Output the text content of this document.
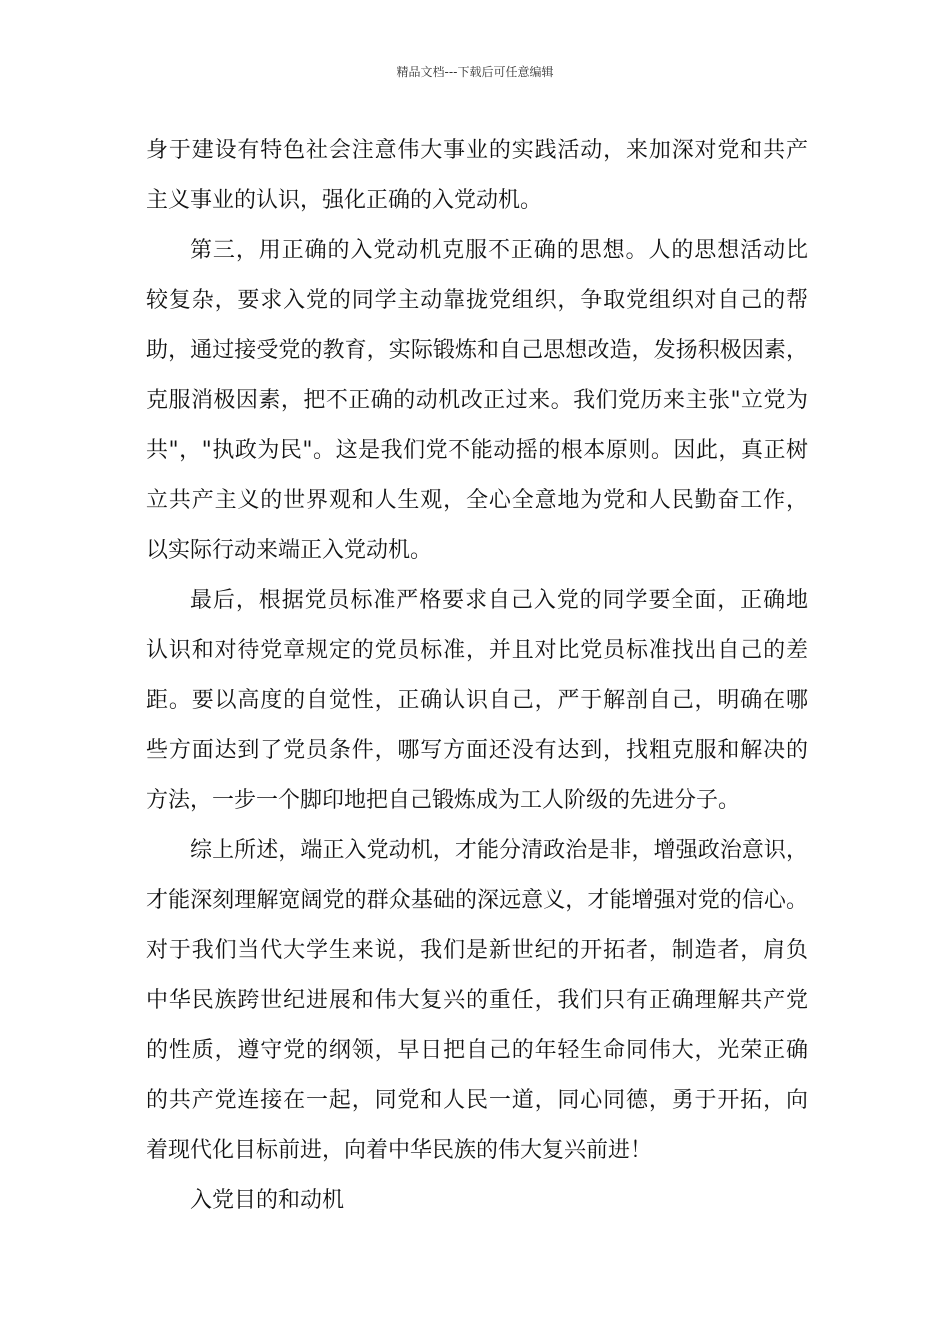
精品文档---下载后可任意编辑
身于建设有特色社会注意伟大事业的实践活动，来加深对党和共产
主义事业的认识，强化正确的入党动机。
第三，用正确的入党动机克服不正确的思想。人的思想活动比
较复杂，要求入党的同学主动靠拢党组织，争取党组织对自己的帮
助，通过接受党的教育，实际锻炼和自己思想改造，发扬积极因素，
克服消极因素，把不正确的动机改正过来。我们党历来主张"立党为
共"，"执政为民"。这是我们党不能动摇的根本原则。因此，真正树
立共产主义的世界观和人生观，全心全意地为党和人民勤奋工作，
以实际行动来端正入党动机。
最后，根据党员标准严格要求自己入党的同学要全面，正确地
认识和对待党章规定的党员标准，并且对比党员标准找出自己的差
距。要以高度的自觉性，正确认识自己，严于解剖自己，明确在哪
些方面达到了党员条件，哪写方面还没有达到，找粗克服和解决的
方法，一步一个脚印地把自己锻炼成为工人阶级的先进分子。
综上所述，端正入党动机，才能分清政治是非，增强政治意识，
才能深刻理解宽阔党的群众基础的深远意义，才能增强对党的信心。
对于我们当代大学生来说，我们是新世纪的开拓者，制造者，肩负
中华民族跨世纪进展和伟大复兴的重任，我们只有正确理解共产党
的性质，遵守党的纲领，早日把自己的年轻生命同伟大，光荣正确
的共产党连接在一起，同党和人民一道，同心同德，勇于开拓，向
着现代化目标前进，向着中华民族的伟大复兴前进！
入党目的和动机
